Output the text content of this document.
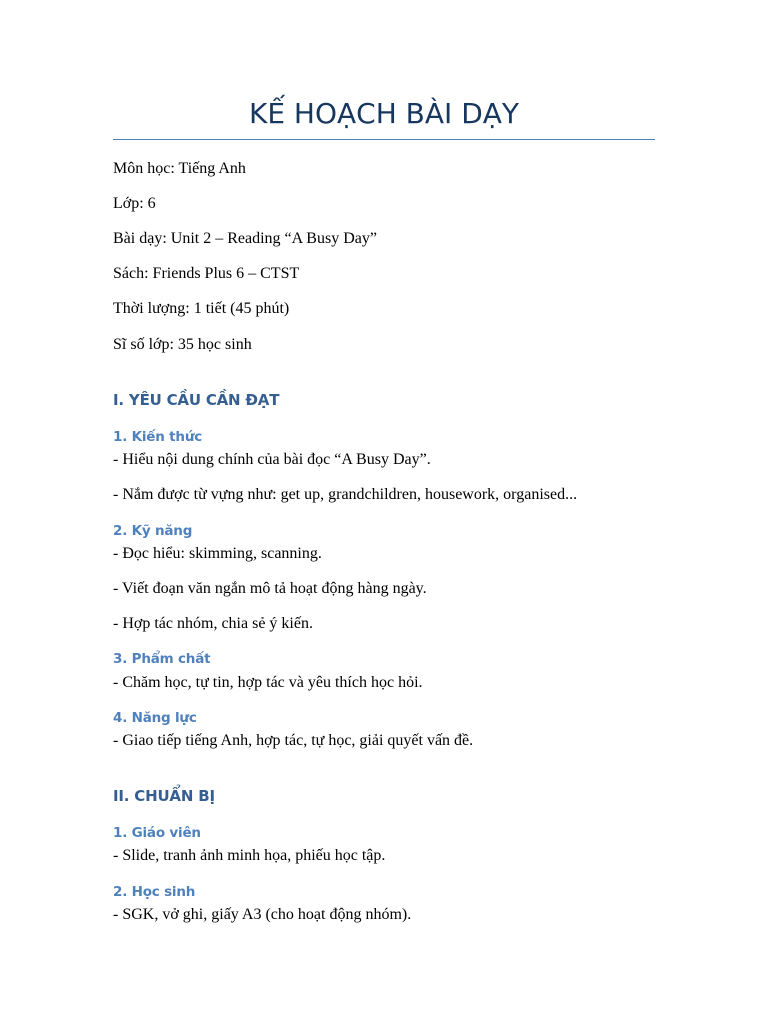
KẾ HOẠCH BÀI DẠY
Môn học: Tiếng Anh
Lớp: 6
Bài dạy: Unit 2 – Reading “A Busy Day”
Sách: Friends Plus 6 – CTST
Thời lượng: 1 tiết (45 phút)
Sĩ số lớp: 35 học sinh
I. YÊU CẦU CẦN ĐẠT
1. Kiến thức
- Hiểu nội dung chính của bài đọc “A Busy Day”.
- Nắm được từ vựng như: get up, grandchildren, housework, organised...
2. Kỹ năng
- Đọc hiểu: skimming, scanning.
- Viết đoạn văn ngắn mô tả hoạt động hàng ngày.
- Hợp tác nhóm, chia sẻ ý kiến.
3. Phẩm chất
- Chăm học, tự tin, hợp tác và yêu thích học hỏi.
4. Năng lực
- Giao tiếp tiếng Anh, hợp tác, tự học, giải quyết vấn đề.
II. CHUẨN BỊ
1. Giáo viên
- Slide, tranh ảnh minh họa, phiếu học tập.
2. Học sinh
- SGK, vở ghi, giấy A3 (cho hoạt động nhóm).
